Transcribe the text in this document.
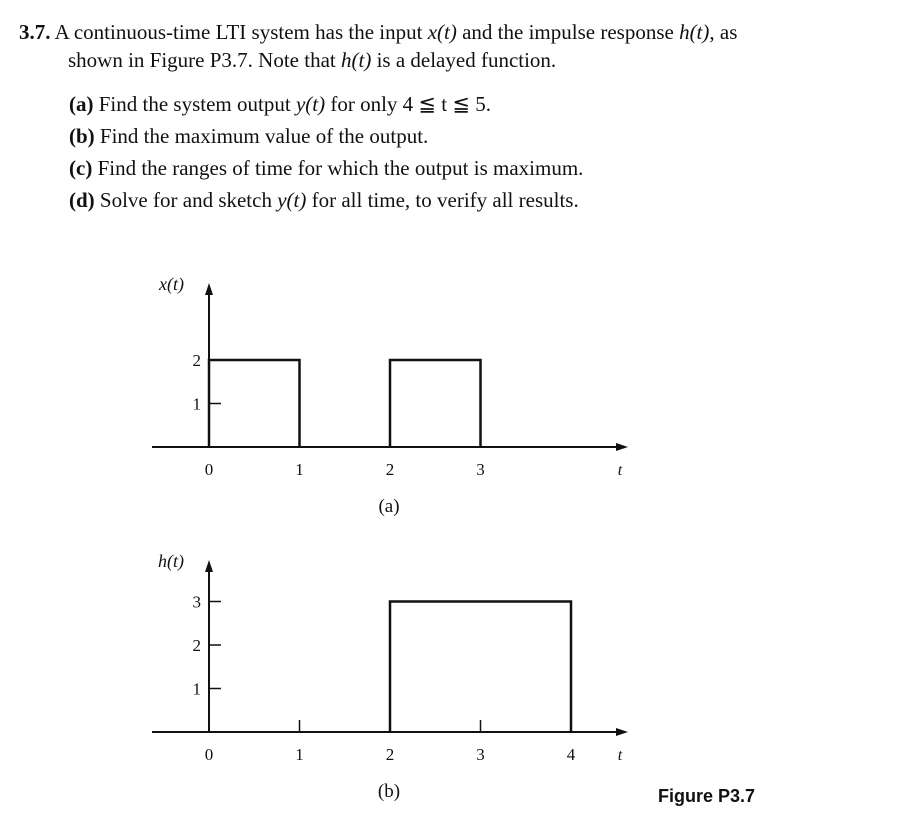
3.7. A continuous-time LTI system has the input x(t) and the impulse response h(t), as
shown in Figure P3.7. Note that h(t) is a delayed function.
(a) Find the system output y(t) for only 4 ≦ t ≦ 5.
(b) Find the maximum value of the output.
(c) Find the ranges of time for which the output is maximum.
(d) Solve for and sketch y(t) for all time, to verify all results.
x(t)
1
2
0	1	2	3	t
(a)
h(t)
1
2
3
0	1	2	3	4	t
(b)	Figure P3.7
